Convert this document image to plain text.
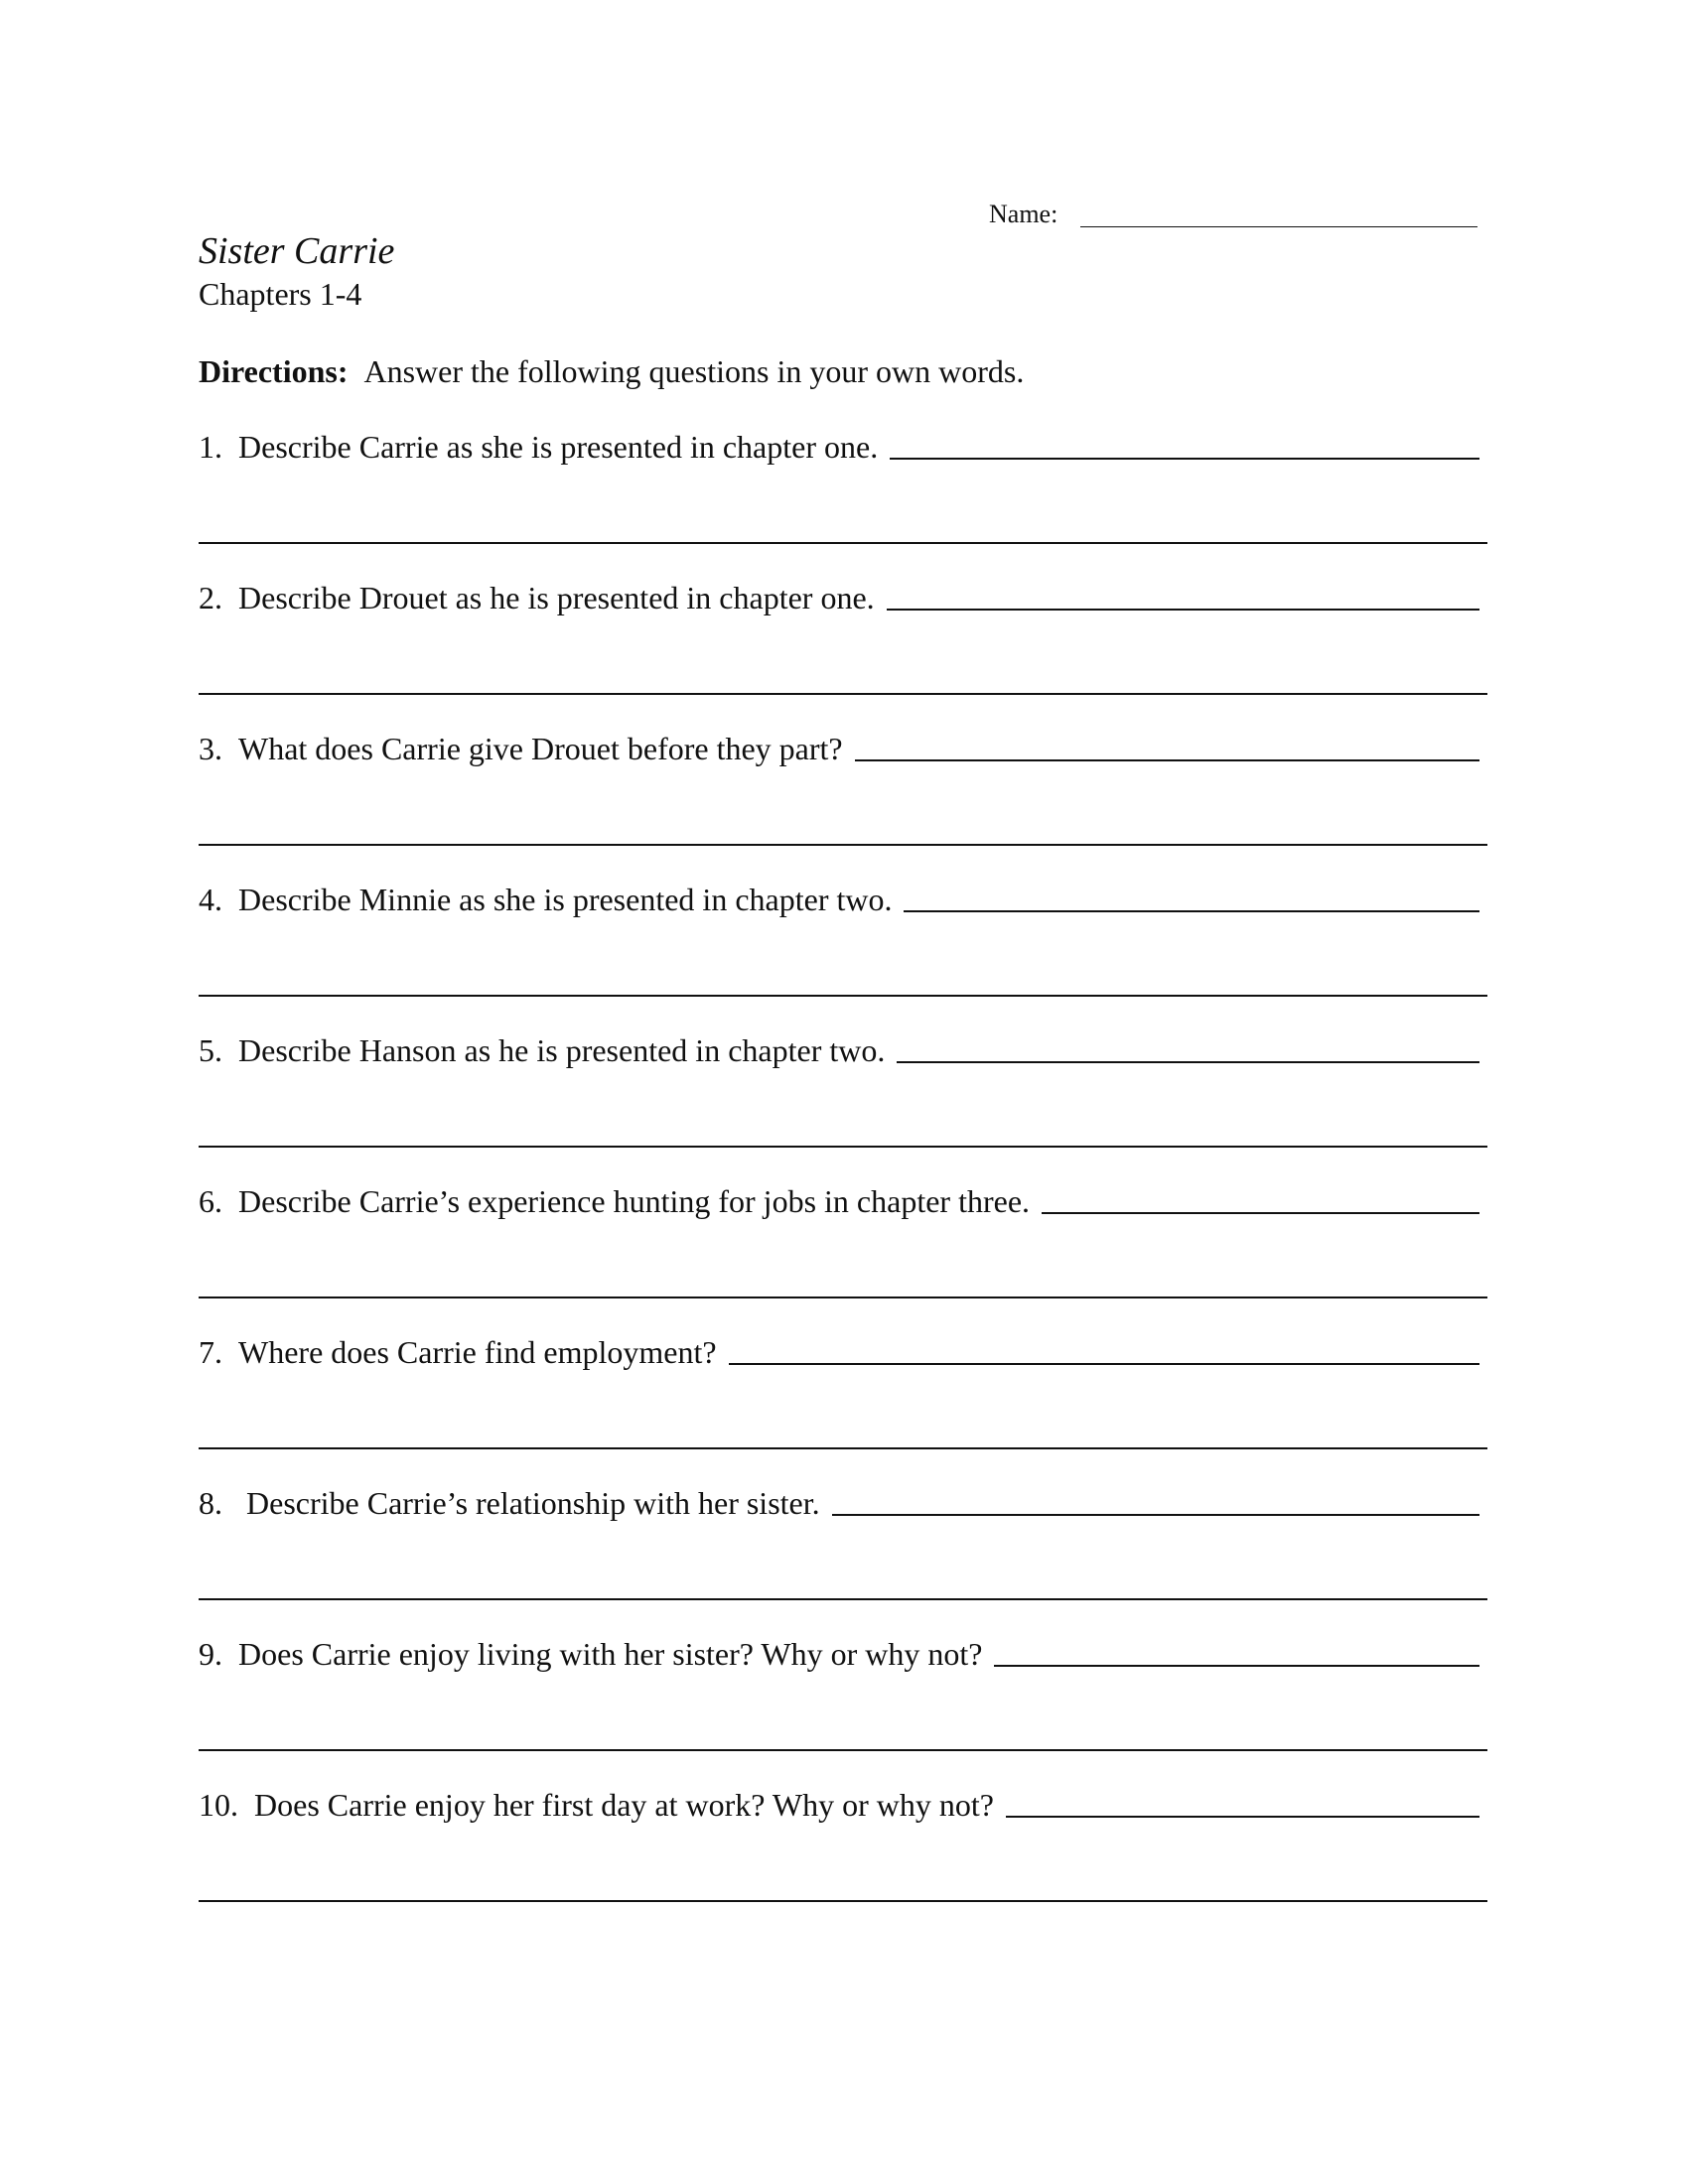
Name:
Sister Carrie
Chapters 1-4
Directions: Answer the following questions in your own words.
1. Describe Carrie as she is presented in chapter one.
2. Describe Drouet as he is presented in chapter one.
3. What does Carrie give Drouet before they part?
4. Describe Minnie as she is presented in chapter two.
5. Describe Hanson as he is presented in chapter two.
6. Describe Carrie’s experience hunting for jobs in chapter three.
7. Where does Carrie find employment?
8. Describe Carrie’s relationship with her sister.
9. Does Carrie enjoy living with her sister? Why or why not?
10. Does Carrie enjoy her first day at work? Why or why not?
